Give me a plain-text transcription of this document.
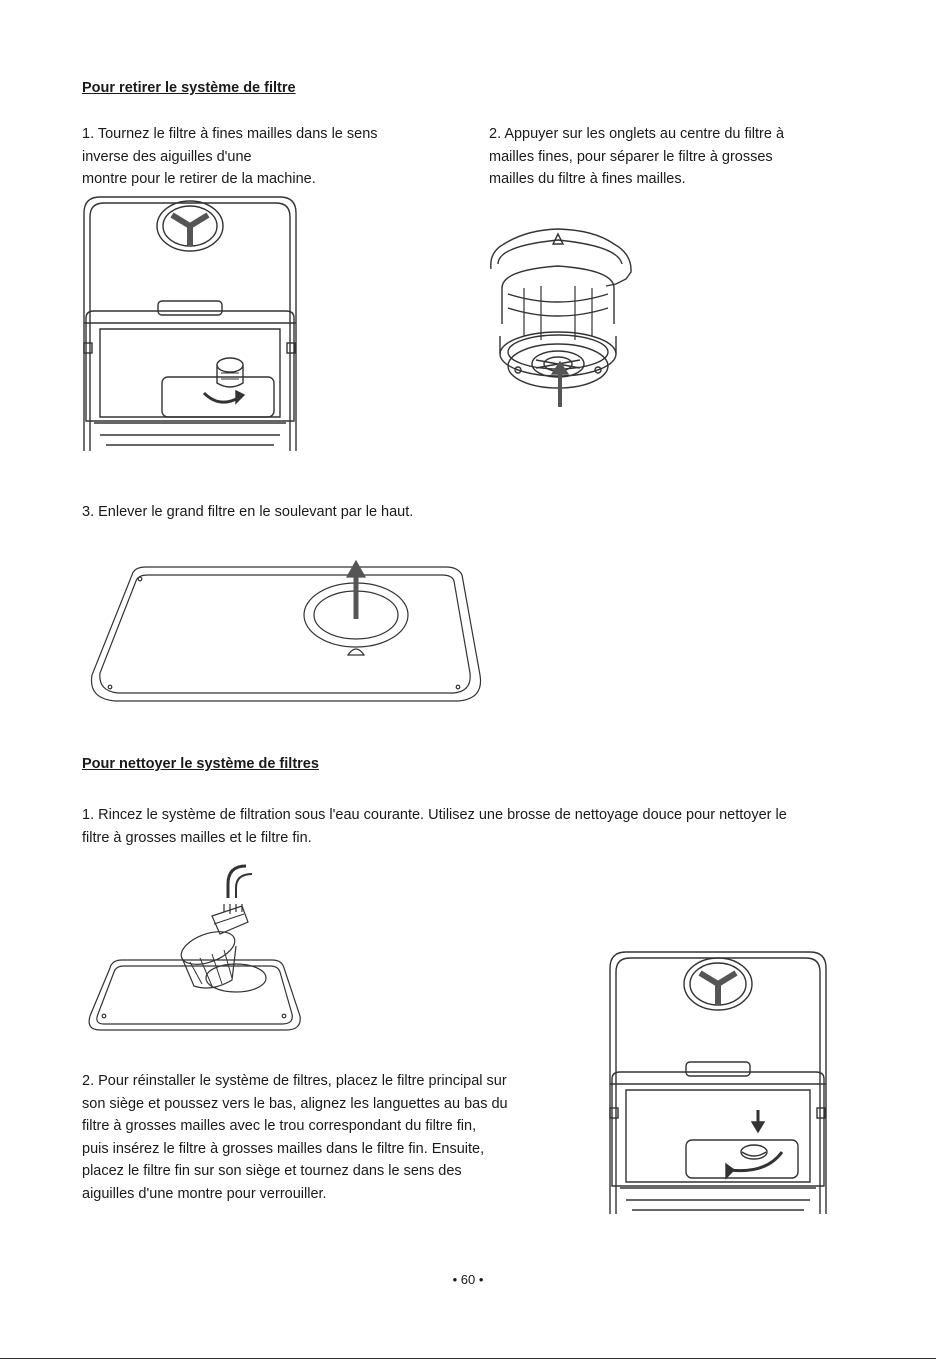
Pour retirer le système de filtre

1. Tournez le filtre à fines mailles dans le sens
inverse des aiguilles d'une
montre pour le retirer de la machine.

2. Appuyer sur les onglets au centre du filtre à
mailles fines, pour séparer le filtre à grosses
mailles du filtre à fines mailles.

3. Enlever le grand filtre en le soulevant par le haut.

Pour nettoyer le système de filtres

1. Rincez le système de filtration sous l'eau courante. Utilisez une brosse de nettoyage douce pour nettoyer le
filtre à grosses mailles et le filtre fin.

2. Pour réinstaller le système de filtres, placez le filtre principal sur
son siège et poussez vers le bas, alignez les languettes au bas du
filtre à grosses mailles avec le trou correspondant du filtre fin,
puis insérez le filtre à grosses mailles dans le filtre fin. Ensuite,
placez le filtre fin sur son siège et tournez dans le sens des
aiguilles d'une montre pour verrouiller.

• 60 •
